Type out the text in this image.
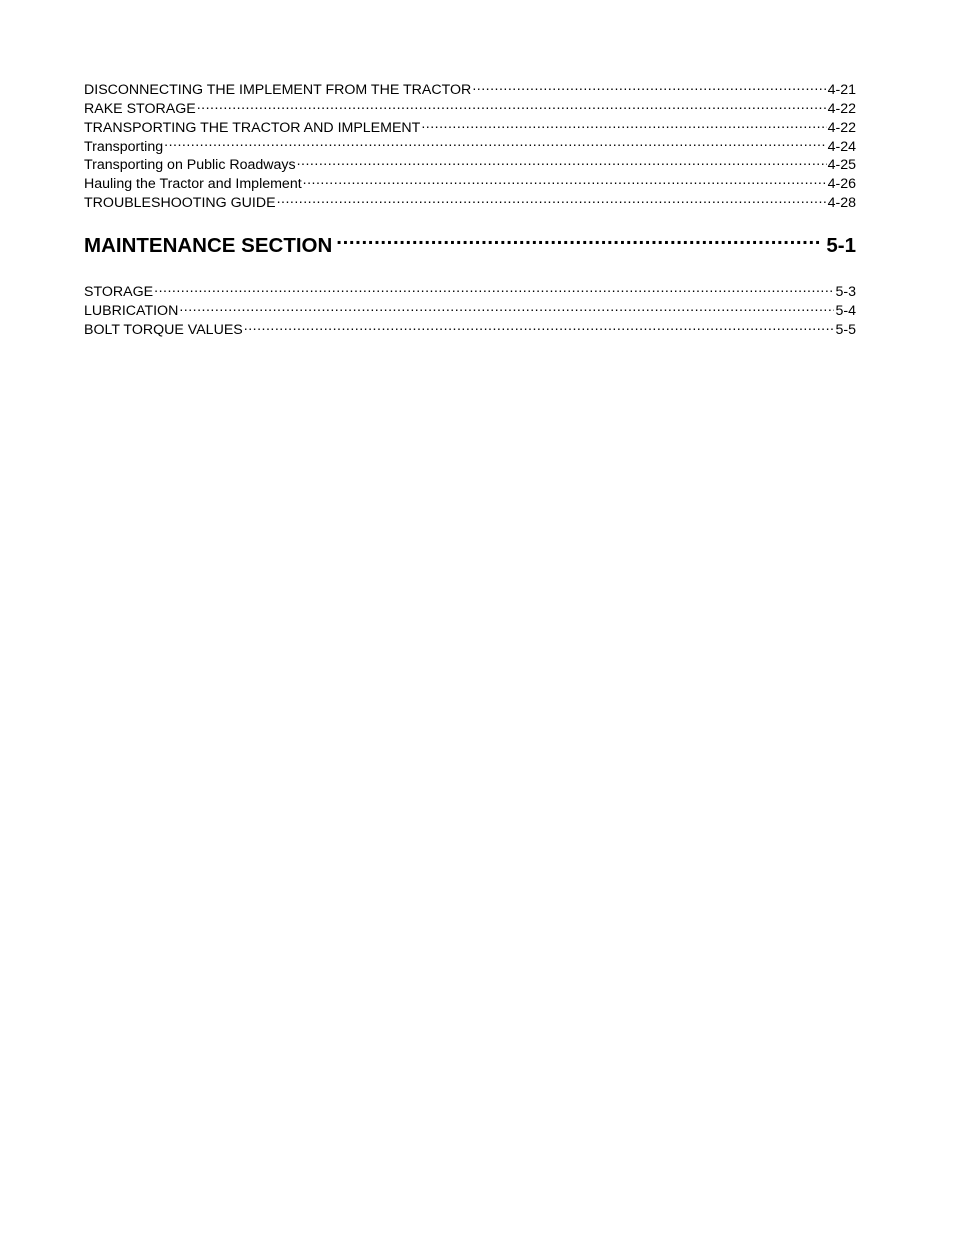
DISCONNECTING THE IMPLEMENT FROM THE TRACTOR .....	4-21
RAKE STORAGE .....	4-22
TRANSPORTING THE TRACTOR AND IMPLEMENT .....	4-22
Transporting .....	4-24
Transporting on Public Roadways .....	4-25
Hauling the Tractor and Implement .....	4-26
TROUBLESHOOTING GUIDE .....	4-28
MAINTENANCE SECTION .....	5-1
STORAGE .....	5-3
LUBRICATION .....	5-4
BOLT TORQUE VALUES .....	5-5
